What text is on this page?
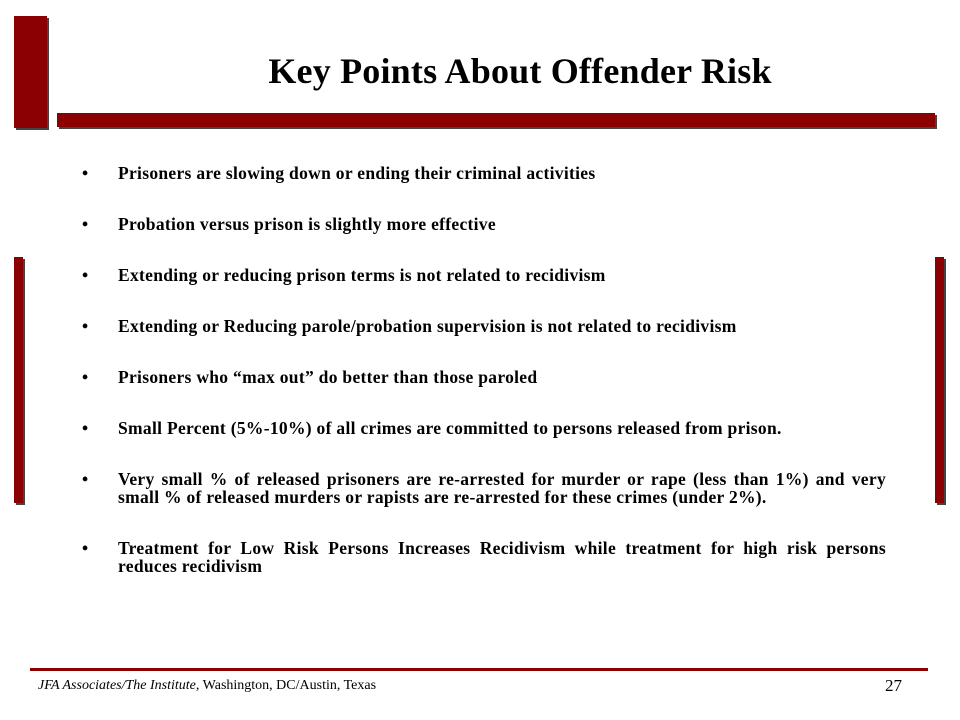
Key Points About Offender Risk
• Prisoners are slowing down or ending their criminal activities
• Probation versus prison is slightly more effective
• Extending or reducing prison terms is not related to recidivism
• Extending or Reducing parole/probation supervision is not related to recidivism
• Prisoners who “max out” do better than those paroled
• Small Percent (5%-10%) of all crimes are committed to persons released from prison.
• Very small % of released prisoners are re-arrested for murder or rape (less than 1%) and very small % of released murders or rapists are re-arrested for these crimes (under 2%).
• Treatment for Low Risk Persons Increases Recidivism while treatment for high risk persons reduces recidivism
JFA Associates/The Institute, Washington, DC/Austin, Texas	27
